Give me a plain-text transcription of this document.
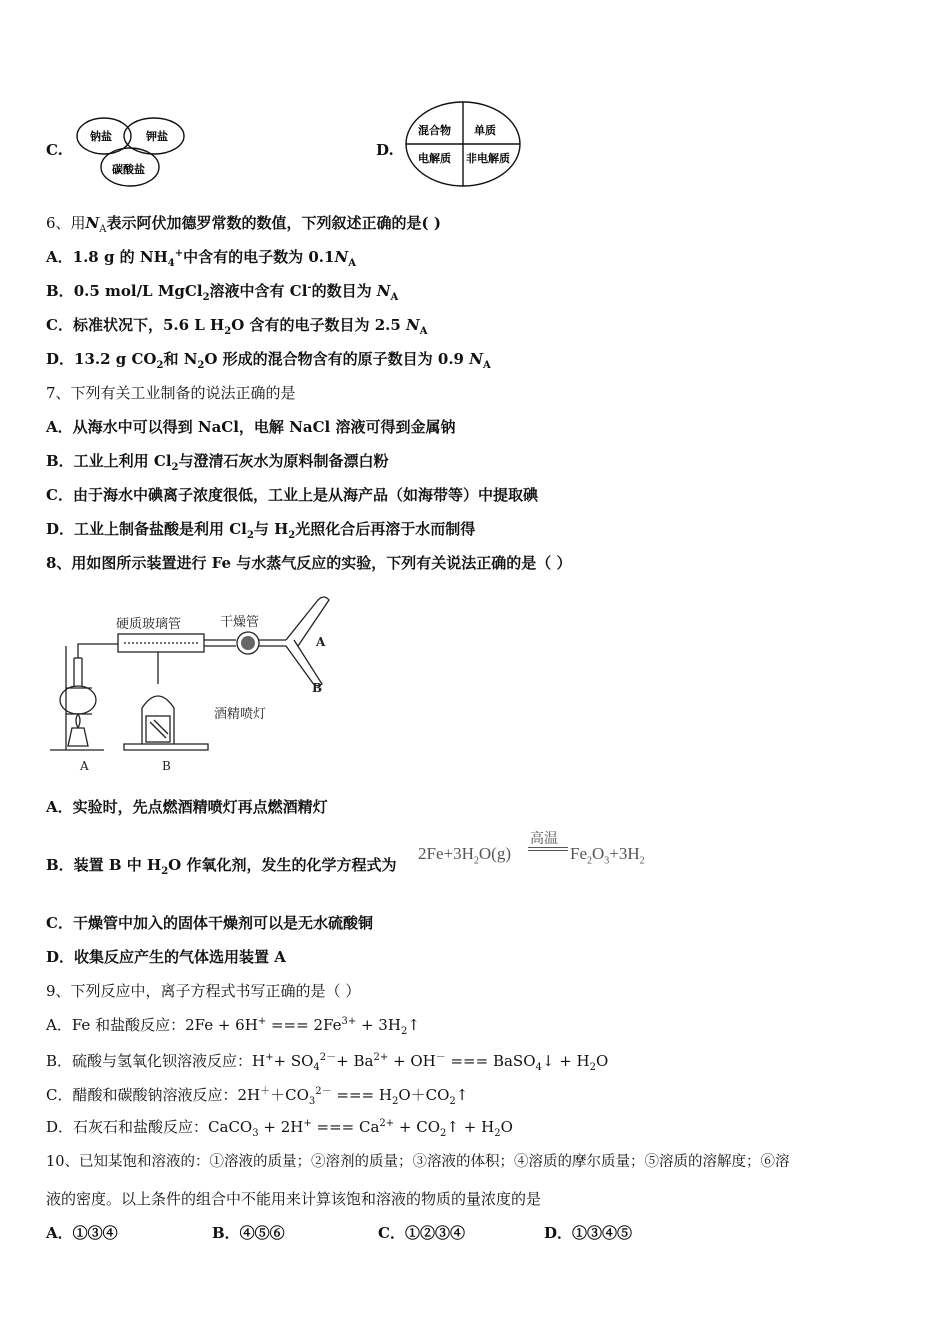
C.
钠盐	钾盐
碳酸盐
D.
混合物 单质
电解质 非电解质
6、用$N_A$表示阿伏加德罗常数的数值，下列叙述正确的是( )
A．1.8 g 的 $NH_4^+$中含有的电子数为 $0.1N_A$
B．0.5 mol/L MgCl$_2$溶液中含有 Cl-的数目为 $N_A$
C．标准状况下，5.6 L $H_2O$ 含有的电子数目为 2.5 $N_A$
D．13.2 g $CO_2$和 $N_2O$ 形成的混合物含有的原子数目为 0.9 $N_A$
7、下列有关工业制备的说法正确的是
A．从海水中可以得到 NaCl，电解 NaCl 溶液可得到金属钠
B．工业上利用 $Cl_2$与澄清石灰水为原料制备漂白粉
C．由于海水中碘离子浓度很低，工业上是从海产品（如海带等）中提取碘
D．工业上制备盐酸是利用 $Cl_2$与 $H_2$光照化合后再溶于水而制得
8、用如图所示装置进行 Fe 与水蒸气反应的实验，下列有关说法正确的是（ ）
硬质玻璃管	干燥管
酒精喷灯
A	B
A
B
A．实验时，先点燃酒精喷灯再点燃酒精灯
B．装置 B 中 $H_2O$ 作氧化剂，发生的化学方程式为
高温
$2Fe+3H_2O(g)$	$Fe_2O_3+3H_2$
C．干燥管中加入的固体干燥剂可以是无水硫酸铜
D．收集反应产生的气体选用装置 A
9、下列反应中，离子方程式书写正确的是（ ）
A．Fe 和盐酸反应：2Fe + 6H+ === $2Fe^{3+}$ + $3H_2↑$
B．硫酸与氢氧化钡溶液反应：$H^++ SO_4^{2-}+ Ba^{2+} + OH^-$ === BaSO$_4$↓ + $H_2O$
C．醋酸和碳酸钠溶液反应：$2H^++CO_3^{2-}$ === $H_2O+CO_2↑$
D．石灰石和盐酸反应：CaCO$_3$ + 2H+ === $Ca^{2+}$ + $CO_2↑ + H_2O$
10、已知某饱和溶液的：①溶液的质量；②溶剂的质量；③溶液的体积；④溶质的摩尔质量；⑤溶质的溶解度；⑥溶
液的密度。以上条件的组合中不能用来计算该饱和溶液的物质的量浓度的是
A．①③④	B．④⑤⑥	C．①②③④	D．①③④⑤
